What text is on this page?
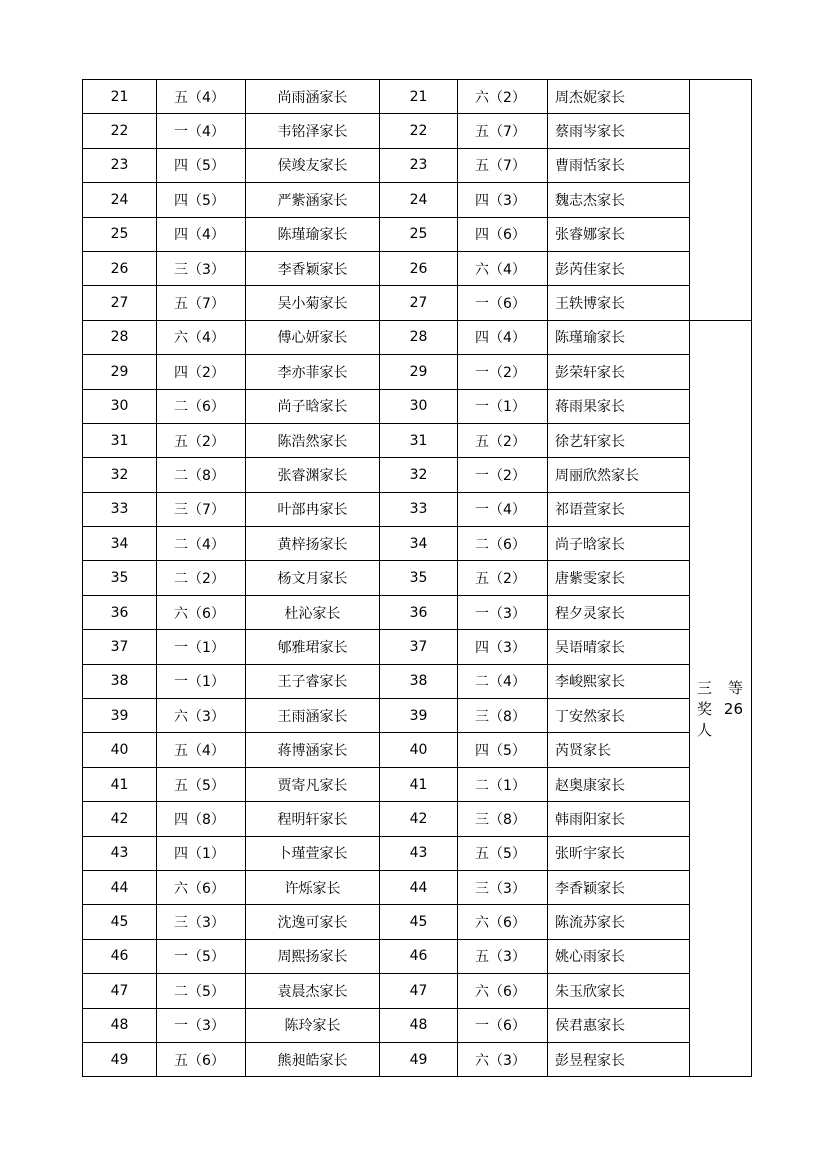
21	五（4）	尚雨涵家长	21	六（2）	周杰妮家长	
22	一（4）	韦铭泽家长	22	五（7）	蔡雨岑家长	
23	四（5）	侯竣友家长	23	五（7）	曹雨恬家长	
24	四（5）	严紫涵家长	24	四（3）	魏志杰家长	
25	四（4）	陈瑾瑜家长	25	四（6）	张睿娜家长	
26	三（3）	李香颖家长	26	六（4）	彭芮佳家长	
27	五（7）	吴小菊家长	27	一（6）	王轶博家长	
28	六（4）	傅心妍家长	28	四（4）	陈瑾瑜家长	三 等
奖 26
人

29	四（2）	李亦菲家长	29	一（2）	彭荣轩家长	
30	二（6）	尚子晗家长	30	一（1）	蒋雨果家长	
31	五（2）	陈浩然家长	31	五（2）	徐艺轩家长	
32	二（8）	张睿渊家长	32	一（2）	周丽欣然家长	
33	三（7）	叶部冉家长	33	一（4）	祁语萱家长	
34	二（4）	黄梓扬家长	34	二（6）	尚子晗家长	
35	二（2）	杨文月家长	35	五（2）	唐紫雯家长	
36	六（6）	杜沁家长	36	一（3）	程夕灵家长	
37	一（1）	郇雅珺家长	37	四（3）	吴语晴家长	
38	一（1）	王子睿家长	38	二（4）	李峻熙家长	
39	六（3）	王雨涵家长	39	三（8）	丁安然家长	
40	五（4）	蒋博涵家长	40	四（5）	芮贤家长	
41	五（5）	贾寄凡家长	41	二（1）	赵奥康家长	
42	四（8）	程明轩家长	42	三（8）	韩雨阳家长	
43	四（1）	卜瑾萱家长	43	五（5）	张昕宇家长	
44	六（6）	许烁家长	44	三（3）	李香颖家长	
45	三（3）	沈逸可家长	45	六（6）	陈流苏家长	
46	一（5）	周熙扬家长	46	五（3）	姚心雨家长	
47	二（5）	袁晨杰家长	47	六（6）	朱玉欣家长	
48	一（3）	陈玲家长	48	一（6）	侯君惠家长	
49	五（6）	熊昶皓家长	49	六（3）	彭昱程家长	
